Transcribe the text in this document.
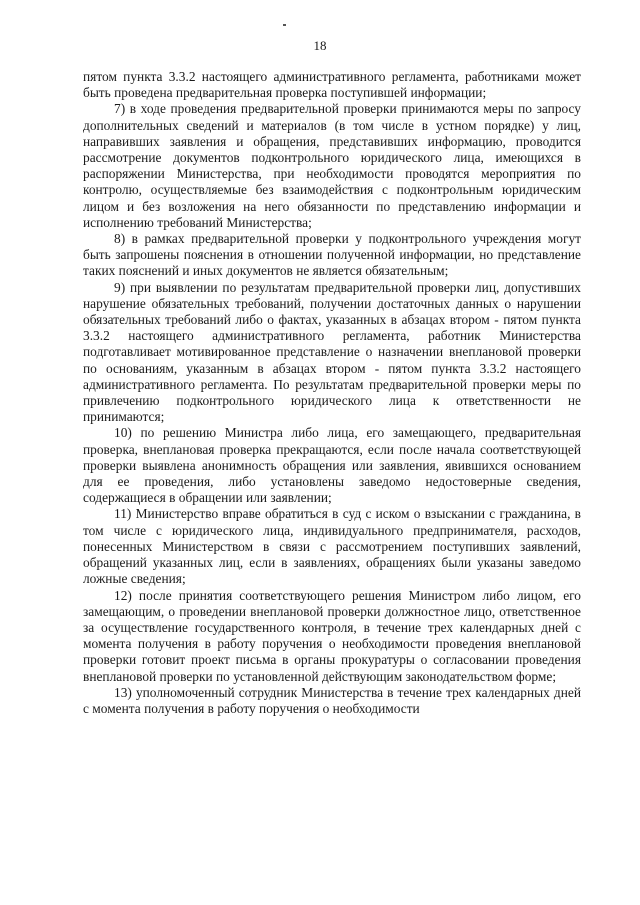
18

пятом пункта 3.3.2 настоящего административного регламента, работниками может быть проведена предварительная проверка поступившей информации;

7) в ходе проведения предварительной проверки принимаются меры по запросу дополнительных сведений и материалов (в том числе в устном порядке) у лиц, направивших заявления и обращения, представивших информацию, проводится рассмотрение документов подконтрольного юридического лица, имеющихся в распоряжении Министерства, при необходимости проводятся мероприятия по контролю, осуществляемые без взаимодействия с подконтрольным юридическим лицом и без возложения на него обязанности по представлению информации и исполнению требований Министерства;

8) в рамках предварительной проверки у подконтрольного учреждения могут быть запрошены пояснения в отношении полученной информации, но представление таких пояснений и иных документов не является обязательным;

9) при выявлении по результатам предварительной проверки лиц, допустивших нарушение обязательных требований, получении достаточных данных о нарушении обязательных требований либо о фактах, указанных в абзацах втором - пятом пункта 3.3.2 настоящего административного регламента, работник Министерства подготавливает мотивированное представление о назначении внеплановой проверки по основаниям, указанным в абзацах втором - пятом пункта 3.3.2 настоящего административного регламента. По результатам предварительной проверки меры по привлечению подконтрольного юридического лица к ответственности не принимаются;

10) по решению Министра либо лица, его замещающего, предварительная проверка, внеплановая проверка прекращаются, если после начала соответствующей проверки выявлена анонимность обращения или заявления, явившихся основанием для ее проведения, либо установлены заведомо недостоверные сведения, содержащиеся в обращении или заявлении;

11) Министерство вправе обратиться в суд с иском о взыскании с гражданина, в том числе с юридического лица, индивидуального предпринимателя, расходов, понесенных Министерством в связи с рассмотрением поступивших заявлений, обращений указанных лиц, если в заявлениях, обращениях были указаны заведомо ложные сведения;

12) после принятия соответствующего решения Министром либо лицом, его замещающим, о проведении внеплановой проверки должностное лицо, ответственное за осуществление государственного контроля, в течение трех календарных дней с момента получения в работу поручения о необходимости проведения внеплановой проверки готовит проект письма в органы прокуратуры о согласовании проведения внеплановой проверки по установленной действующим законодательством форме;

13) уполномоченный сотрудник Министерства в течение трех календарных дней с момента получения в работу поручения о необходимости
